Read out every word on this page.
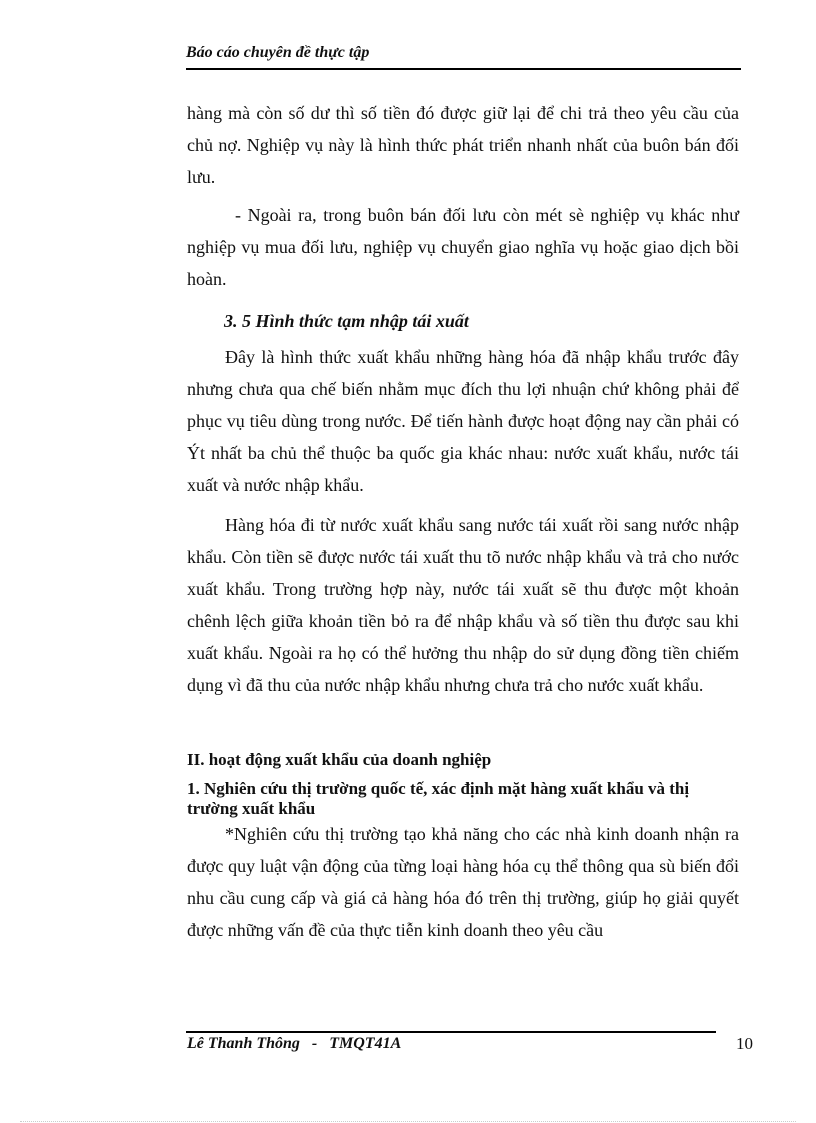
Báo cáo chuyên đề thực tập

hàng mà còn số dư thì số tiền đó được giữ lại để chi trả theo yêu cầu của chủ nợ. Nghiệp vụ này là hình thức phát triển nhanh nhất của buôn bán đối lưu.

- Ngoài ra, trong buôn bán đối lưu còn mét sè nghiệp vụ khác như nghiệp vụ mua đối lưu, nghiệp vụ chuyển giao nghĩa vụ hoặc giao dịch bồi hoàn.

3. 5 Hình thức tạm nhập tái xuất

Đây là hình thức xuất khẩu những hàng hóa đã nhập khẩu trước đây nhưng chưa qua chế biến nhằm mục đích thu lợi nhuận chứ không phải để phục vụ tiêu dùng trong nước. Để tiến hành được hoạt động nay cần phải có Ýt nhất ba chủ thể thuộc ba quốc gia khác nhau: nước xuất khẩu, nước tái xuất và nước nhập khẩu.

Hàng hóa đi từ nước xuất khẩu sang nước tái xuất rồi sang nước nhập khẩu. Còn tiền sẽ được nước tái xuất thu tõ nước nhập khẩu và trả cho nước xuất khẩu. Trong trường hợp này, nước tái xuất sẽ thu được một khoản chênh lệch giữa khoản tiền bỏ ra để nhập khẩu và số tiền thu được sau khi xuất khẩu. Ngoài ra họ có thể hưởng thu nhập do sử dụng đồng tiền chiếm dụng vì đã thu của nước nhập khẩu nhưng chưa trả cho nước xuất khẩu.

II. hoạt động xuất khẩu của doanh nghiệp
1. Nghiên cứu thị trường quốc tế, xác định mặt hàng xuất khẩu và thị trường xuất khẩu

*Nghiên cứu thị trường tạo khả năng cho các nhà kinh doanh nhận ra được quy luật vận động của từng loại hàng hóa cụ thể thông qua sù biến đổi nhu cầu cung cấp và giá cả hàng hóa đó trên thị trường, giúp họ giải quyết được những vấn đề của thực tiễn kinh doanh theo yêu cầu

Lê Thanh Thông   -   TMQT41A	10
